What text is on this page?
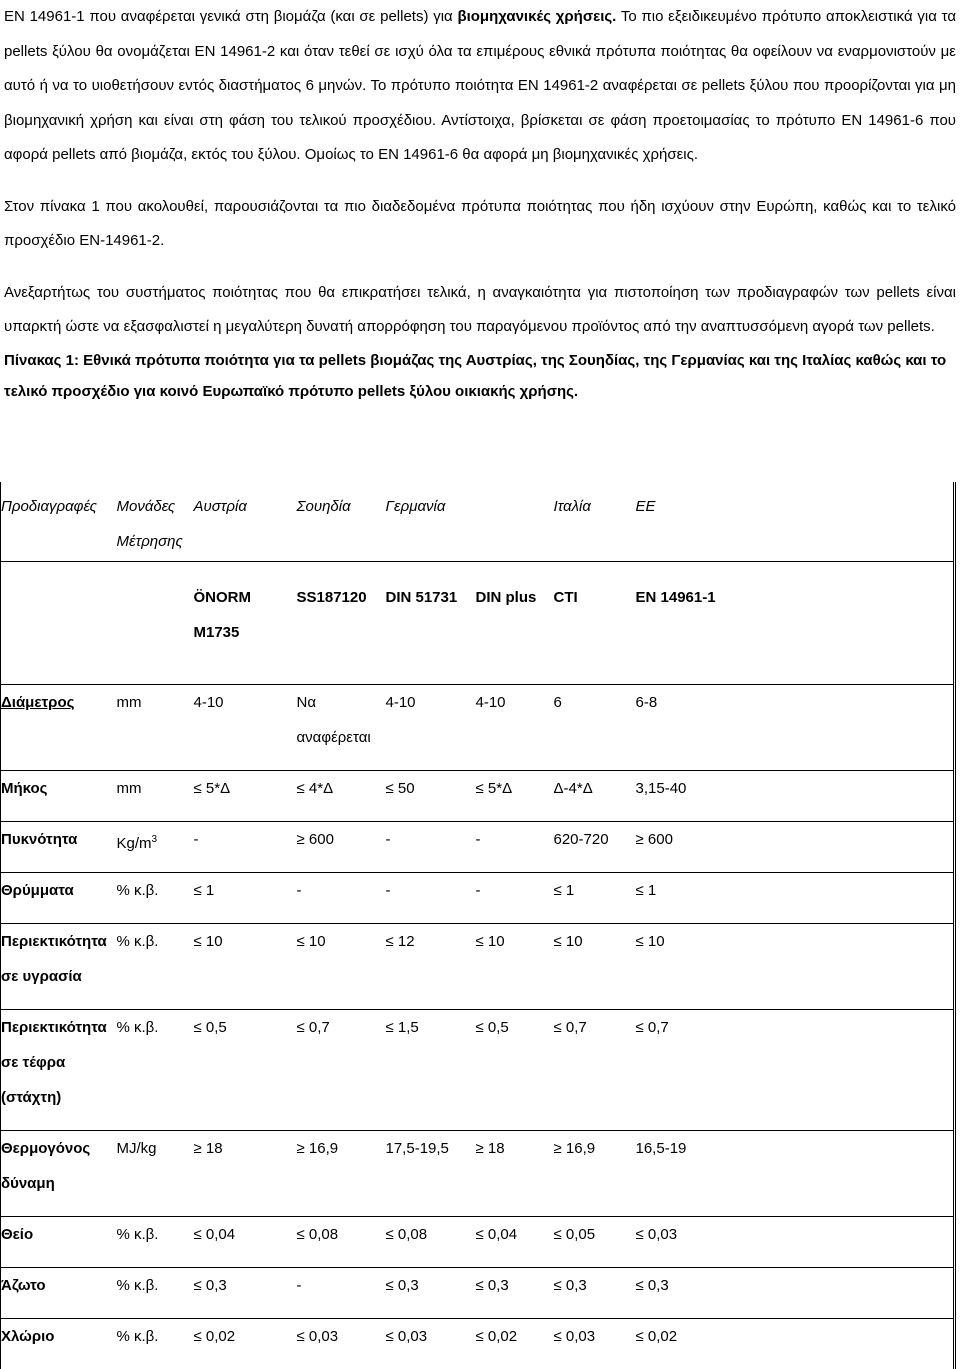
ΕΝ 14961-1 που αναφέρεται γενικά στη βιομάζα (και σε pellets) για βιομηχανικές χρήσεις. Το πιο εξειδικευμένο πρότυπο αποκλειστικά για τα pellets ξύλου θα ονομάζεται ΕΝ 14961-2 και όταν τεθεί σε ισχύ όλα τα επιμέρους εθνικά πρότυπα ποιότητας θα οφείλουν να εναρμονιστούν με αυτό ή να το υιοθετήσουν εντός διαστήματος 6 μηνών. Το πρότυπο ποιότητα ΕΝ 14961-2 αναφέρεται σε pellets ξύλου που προορίζονται για μη βιομηχανική χρήση και είναι στη φάση του τελικού προσχέδιου. Αντίστοιχα, βρίσκεται σε φάση προετοιμασίας το πρότυπο ΕΝ 14961-6 που αφορά pellets από βιομάζα, εκτός του ξύλου. Ομοίως το ΕΝ 14961-6 θα αφορά μη βιομηχανικές χρήσεις.

Στον πίνακα 1 που ακολουθεί, παρουσιάζονται τα πιο διαδεδομένα πρότυπα ποιότητας που ήδη ισχύουν στην Ευρώπη, καθώς και το τελικό προσχέδιο ΕΝ-14961-2.

Ανεξαρτήτως του συστήματος ποιότητας που θα επικρατήσει τελικά, η αναγκαιότητα για πιστοποίηση των προδιαγραφών των pellets είναι υπαρκτή ώστε να εξασφαλιστεί η μεγαλύτερη δυνατή απορρόφηση του παραγόμενου προϊόντος από την αναπτυσσόμενη αγορά των pellets.

Πίνακας 1: Εθνικά πρότυπα ποιότητα για τα pellets βιομάζας της Αυστρίας, της Σουηδίας, της Γερμανίας και της Ιταλίας καθώς και το τελικό προσχέδιο για κοινό Ευρωπαϊκό πρότυπο pellets ξύλου οικιακής χρήσης.

Προδιαγραφές	Μονάδες Μέτρησης	Αυστρία	Σουηδία	Γερμανία		Ιταλία	ΕΕ
		ÖNORM M1735	SS187120	DIN 51731	DIN plus	CTI	EN 14961-1
Διάμετρος	mm	4-10	Να αναφέρεται	4-10	4-10	6	6-8
Μήκος	mm	≤ 5*Δ	≤ 4*Δ	≤ 50	≤ 5*Δ	Δ-4*Δ	3,15-40
Πυκνότητα	$Kg/m^3$	-	≥ 600	-	-	620-720	≥ 600
Θρύμματα	% κ.β.	≤ 1	-	-	-	≤ 1	≤ 1
Περιεκτικότητα σε υγρασία	% κ.β.	≤ 10	≤ 10	≤ 12	≤ 10	≤ 10	≤ 10
Περιεκτικότητα σε τέφρα (στάχτη)	% κ.β.	≤ 0,5	≤ 0,7	≤ 1,5	≤ 0,5	≤ 0,7	≤ 0,7
Θερμογόνος δύναμη	MJ/kg	≥ 18	≥ 16,9	17,5-19,5	≥ 18	≥ 16,9	16,5-19
Θείο	% κ.β.	≤ 0,04	≤ 0,08	≤ 0,08	≤ 0,04	≤ 0,05	≤ 0,03
Άζωτο	% κ.β.	≤ 0,3	-	≤ 0,3	≤ 0,3	≤ 0,3	≤ 0,3
Χλώριο	% κ.β.	≤ 0,02	≤ 0,03	≤ 0,03	≤ 0,02	≤ 0,03	≤ 0,02
